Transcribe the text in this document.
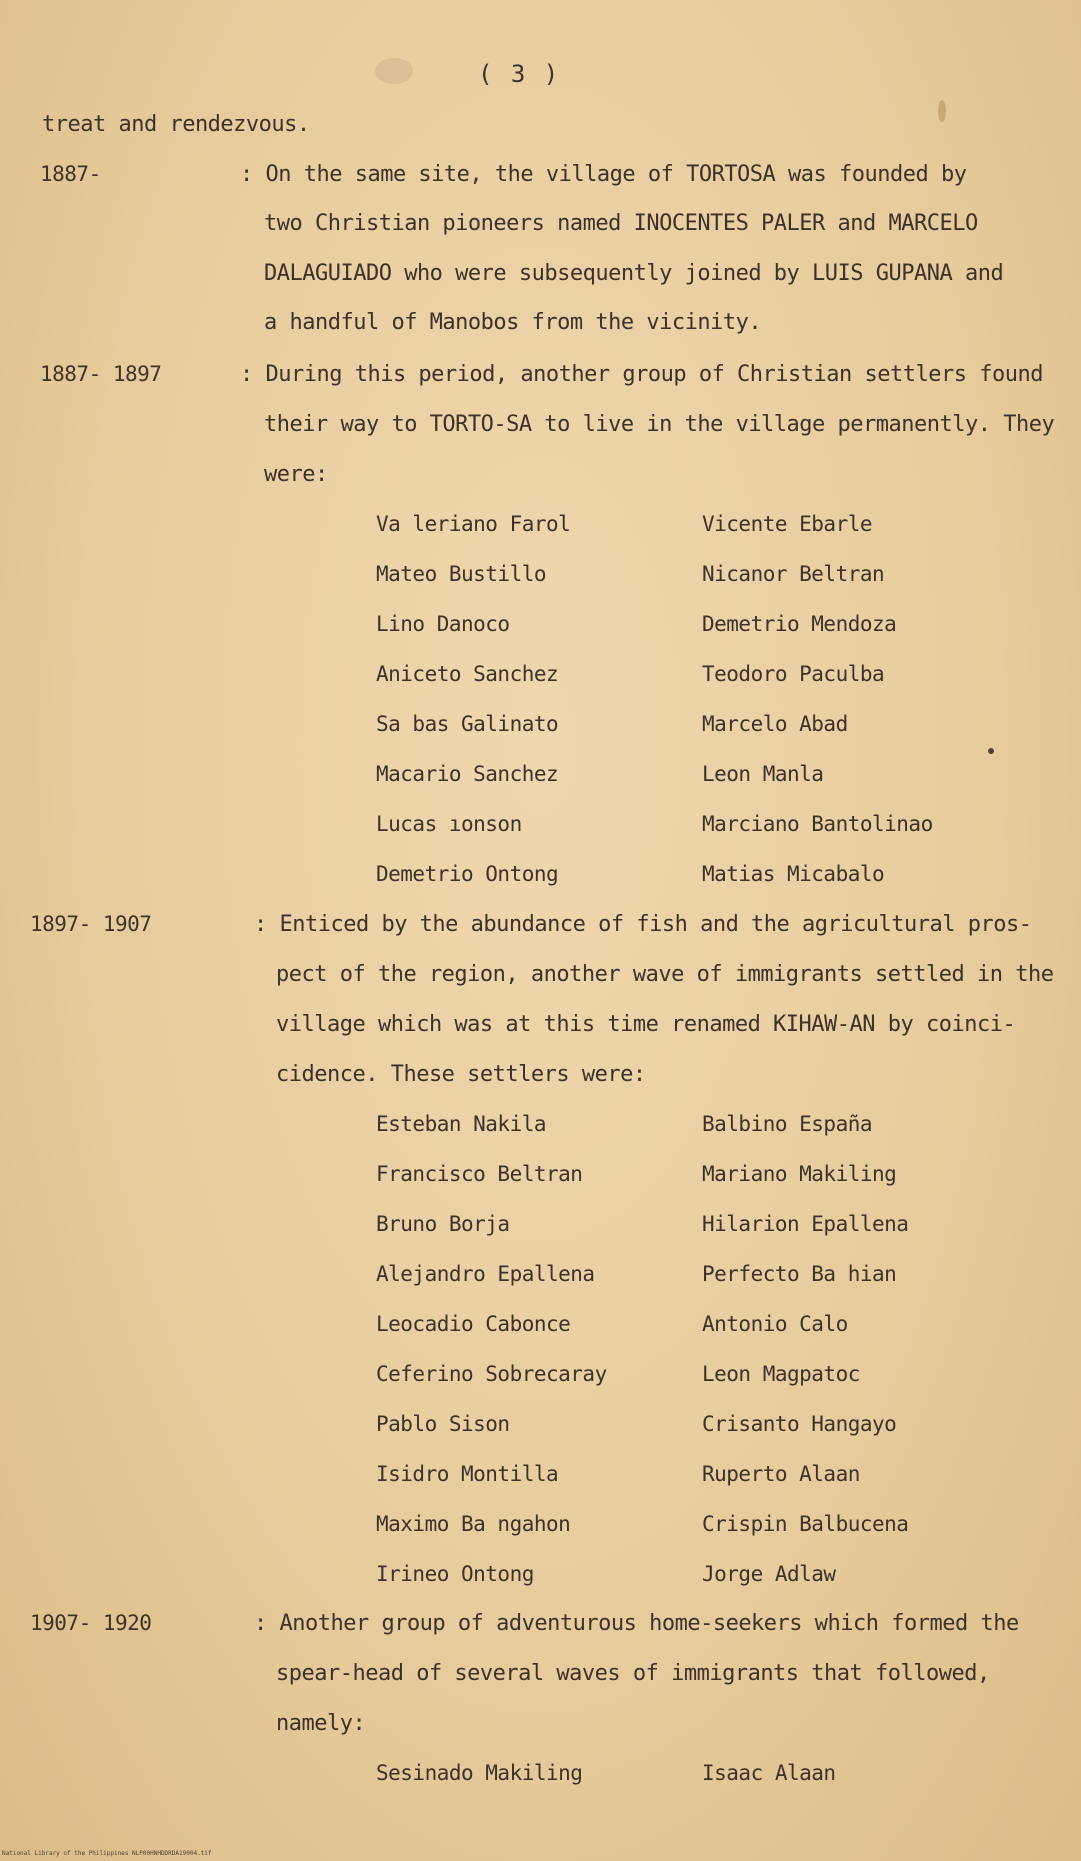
( 3 )
treat and rendezvous.
1887-	: On the same site, the village of TORTOSA was founded by
two Christian pioneers named INOCENTES PALER and MARCELO
DALAGUIADO who were subsequently joined by LUIS GUPANA and
a handful of Manobos from the vicinity.
1887- 1897	: During this period, another group of Christian settlers found
their way to TORTO-SA to live in the village permanently. They
were:
Va leriano Farol	Vicente Ebarle
Mateo Bustillo	Nicanor Beltran
Lino Danoco	Demetrio Mendoza
Aniceto Sanchez	Teodoro Paculba
Sa bas Galinato	Marcelo Abad
Macario Sanchez	Leon Manla
Lucas ıonson	Marciano Bantolinao
Demetrio Ontong	Matias Micabalo
1897- 1907	: Enticed by the abundance of fish and the agricultural pros-
pect of the region, another wave of immigrants settled in the
village which was at this time renamed KIHAW-AN by coinci-
cidence. These settlers were:
Esteban Nakila	Balbino España
Francisco Beltran	Mariano Makiling
Bruno Borja	Hilarion Epallena
Alejandro Epallena	Perfecto Ba hian
Leocadio Cabonce	Antonio Calo
Ceferino Sobrecaray	Leon Magpatoc
Pablo Sison	Crisanto Hangayo
Isidro Montilla	Ruperto Alaan
Maximo Ba ngahon	Crispin Balbucena
Irineo Ontong	Jorge Adlaw
1907- 1920	: Another group of adventurous home-seekers which formed the
spear-head of several waves of immigrants that followed,
namely:
Sesinado Makiling	Isaac Alaan
National Library of the Philippines NLP00HNHDDRDA19004.tif
